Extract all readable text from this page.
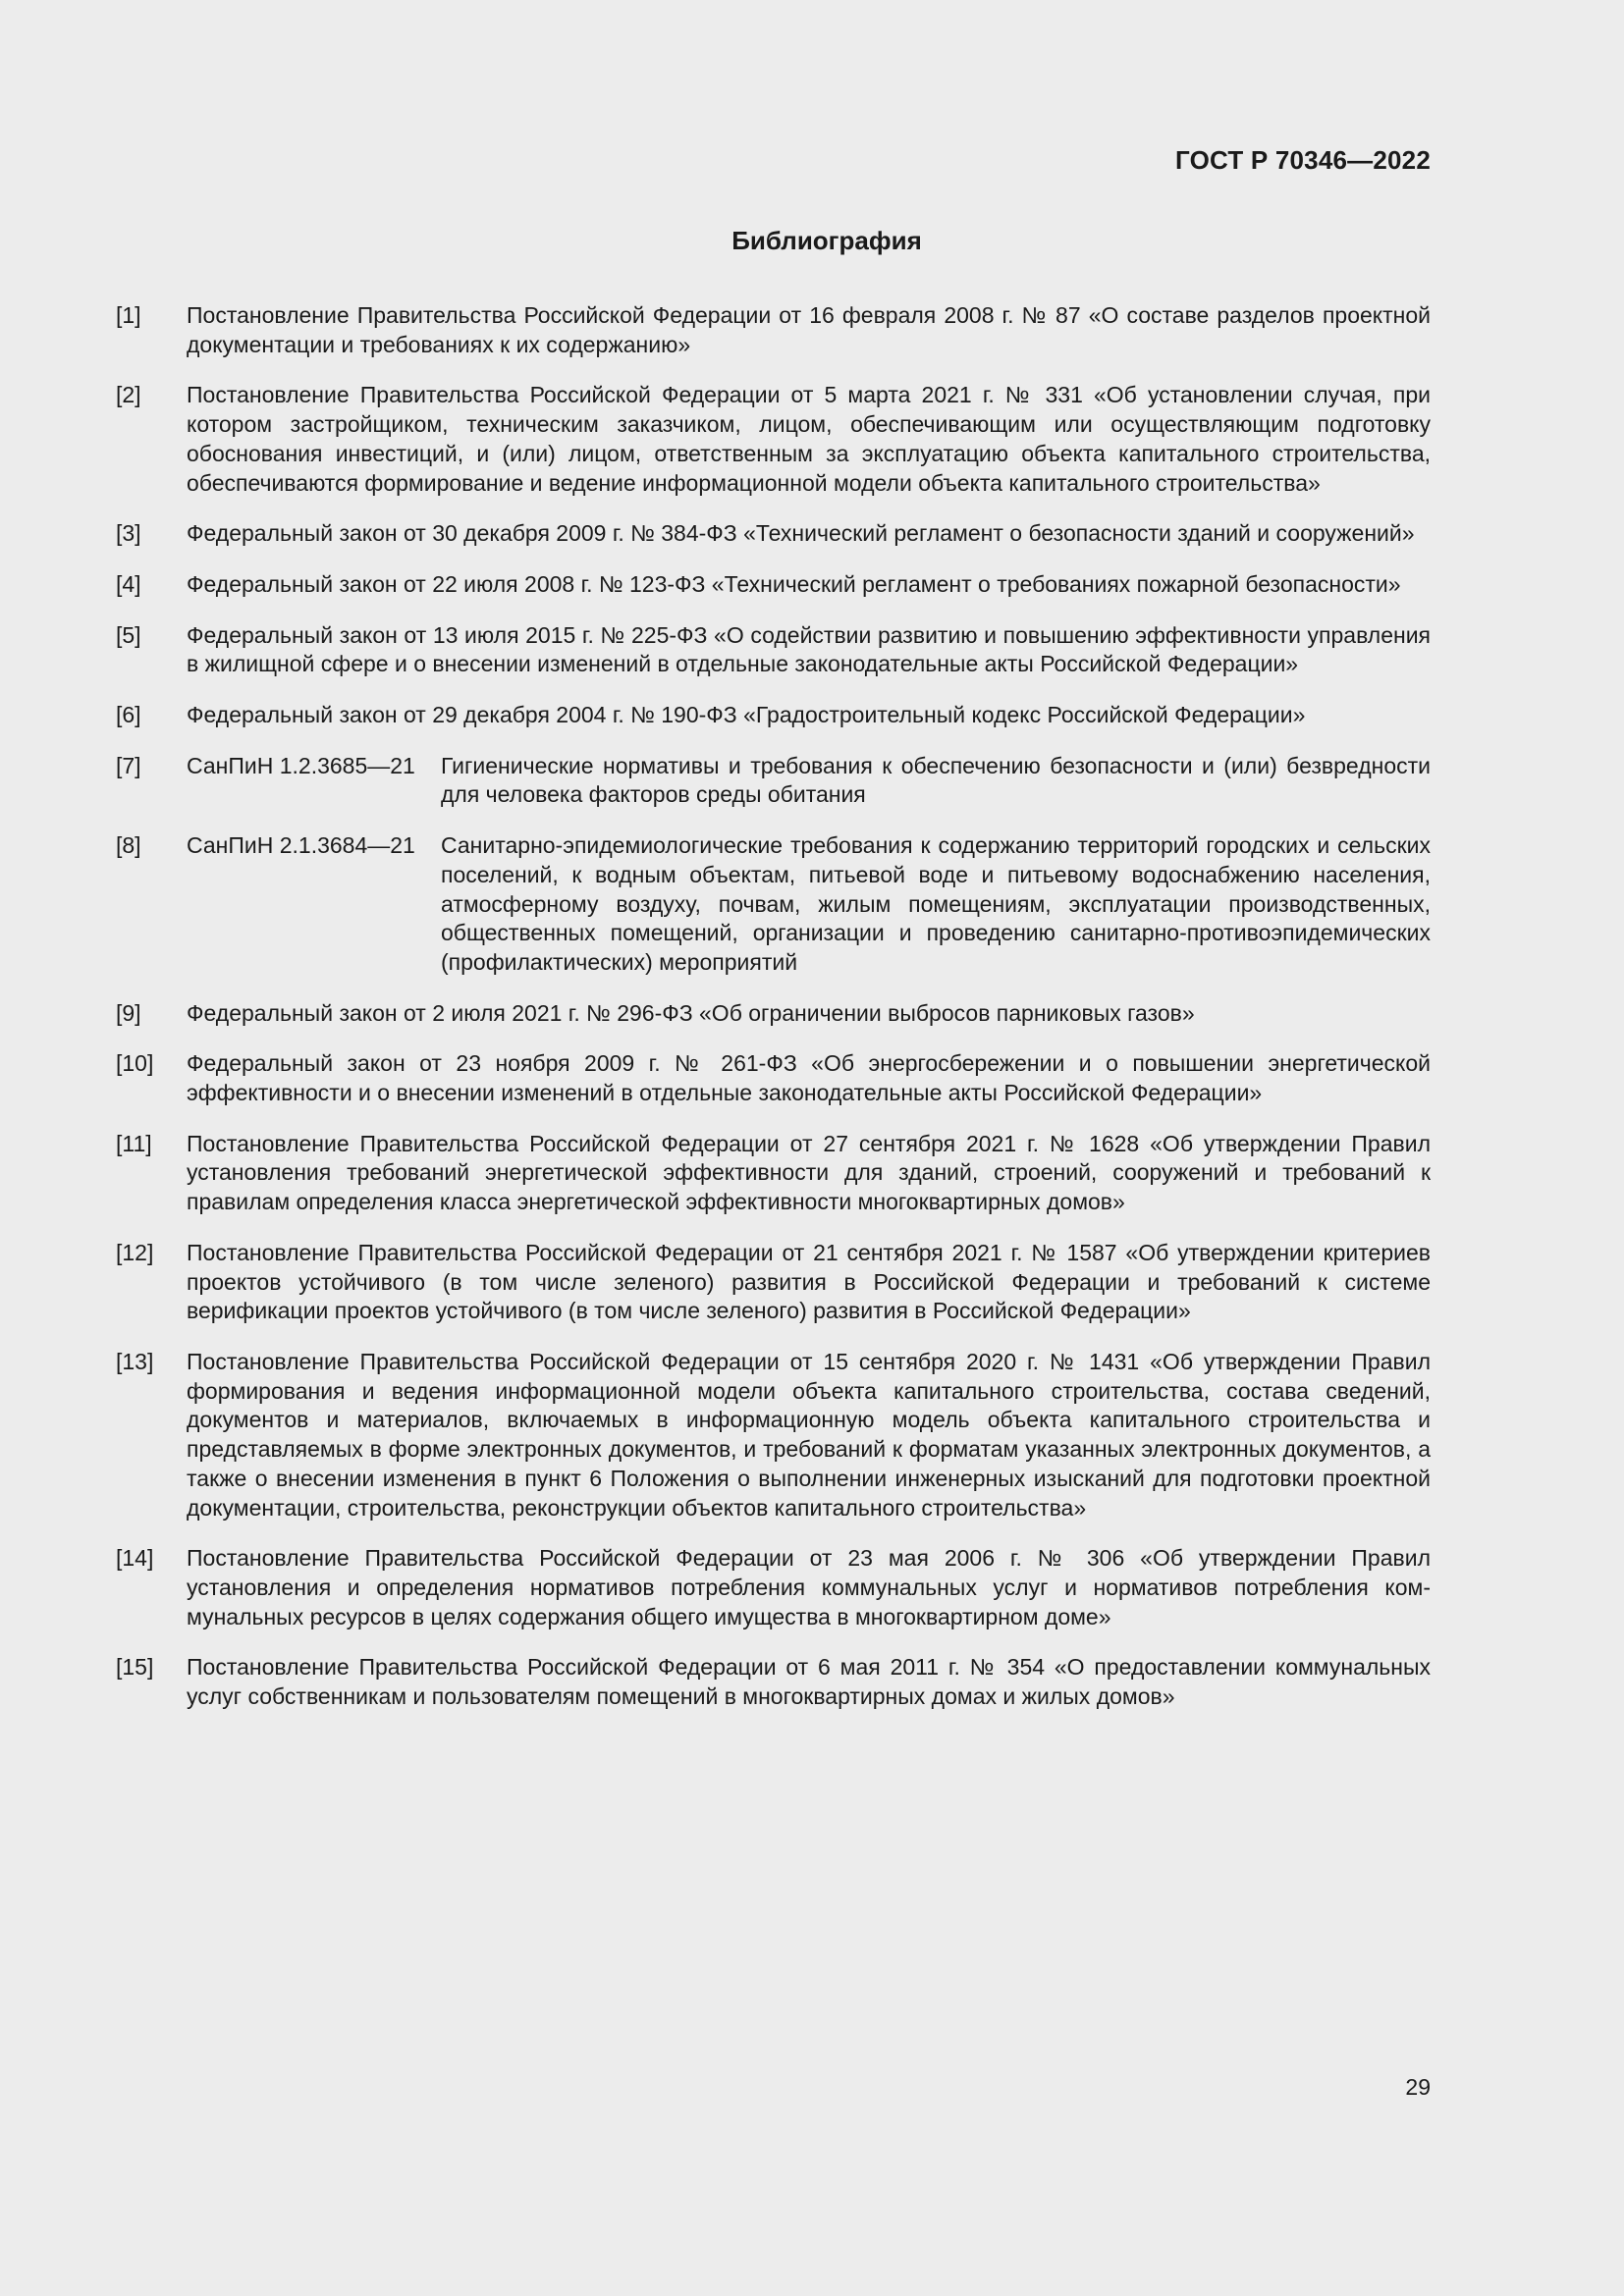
ГОСТ Р 70346—2022
Библиография
[1]	Постановление Правительства Российской Федерации от 16 февраля 2008 г. № 87 «О составе разделов проектной документации и требованиях к их содержанию»
[2]	Постановление Правительства Российской Федерации от 5 марта 2021 г. № 331 «Об установлении случая, при котором застройщиком, техническим заказчиком, лицом, обеспечивающим или осуществляющим подготовку обоснования инвестиций, и (или) лицом, ответственным за эксплуатацию объекта капитального строительства, обеспечиваются формирование и ведение информационной модели объекта капитального строительства»
[3]	Федеральный закон от 30 декабря 2009 г. № 384-ФЗ «Технический регламент о безопасности зданий и сооружений»
[4]	Федеральный закон от 22 июля 2008 г. № 123-ФЗ «Технический регламент о требованиях пожарной безопасности»
[5]	Федеральный закон от 13 июля 2015 г. № 225-ФЗ «О содействии развитию и повышению эффективности управления в жилищной сфере и о внесении изменений в отдельные законодательные акты Российской Федерации»
[6]	Федеральный закон от 29 декабря 2004 г. № 190-ФЗ «Градостроительный кодекс Российской Федерации»
[7]	СанПиН 1.2.3685—21	Гигиенические нормативы и требования к обеспечению безопасности и (или) безвредности для человека факторов среды обитания
[8]	СанПиН 2.1.3684—21	Санитарно-эпидемиологические требования к содержанию территорий городских и сельских поселений, к водным объектам, питьевой воде и питьевому водоснабжению населения, атмосферному воздуху, почвам, жилым помещениям, эксплуатации производственных, общественных помещений, организации и проведению санитарно-противоэпидемических (профилактических) мероприятий
[9]	Федеральный закон от 2 июля 2021 г. № 296-ФЗ «Об ограничении выбросов парниковых газов»
[10]	Федеральный закон от 23 ноября 2009 г. № 261-ФЗ «Об энергосбережении и о повышении энергетической эффективности и о внесении изменений в отдельные законодательные акты Российской Федерации»
[11]	Постановление Правительства Российской Федерации от 27 сентября 2021 г. № 1628 «Об утверждении Правил установления требований энергетической эффективности для зданий, строений, сооружений и требований к правилам определения класса энергетической эффективности многоквартирных домов»
[12]	Постановление Правительства Российской Федерации от 21 сентября 2021 г. № 1587 «Об утверждении критериев проектов устойчивого (в том числе зеленого) развития в Российской Федерации и требований к системе верификации проектов устойчивого (в том числе зеленого) развития в Российской Федерации»
[13]	Постановление Правительства Российской Федерации от 15 сентября 2020 г. № 1431 «Об утверждении Правил формирования и ведения информационной модели объекта капитального строительства, состава сведений, документов и материалов, включаемых в информационную модель объекта капитального строительства и представляемых в форме электронных документов, и требований к форматам указанных электронных документов, а также о внесении изменения в пункт 6 Положения о выполнении инженерных изысканий для подготовки проектной документации, строительства, реконструкции объектов капитального строительства»
[14]	Постановление Правительства Российской Федерации от 23 мая 2006 г. № 306 «Об утверждении Правил установления и определения нормативов потребления коммунальных услуг и нормативов потребления коммунальных ресурсов в целях содержания общего имущества в многоквартирном доме»
[15]	Постановление Правительства Российской Федерации от 6 мая 2011 г. № 354 «О предоставлении коммунальных услуг собственникам и пользователям помещений в многоквартирных домах и жилых домов»
29
